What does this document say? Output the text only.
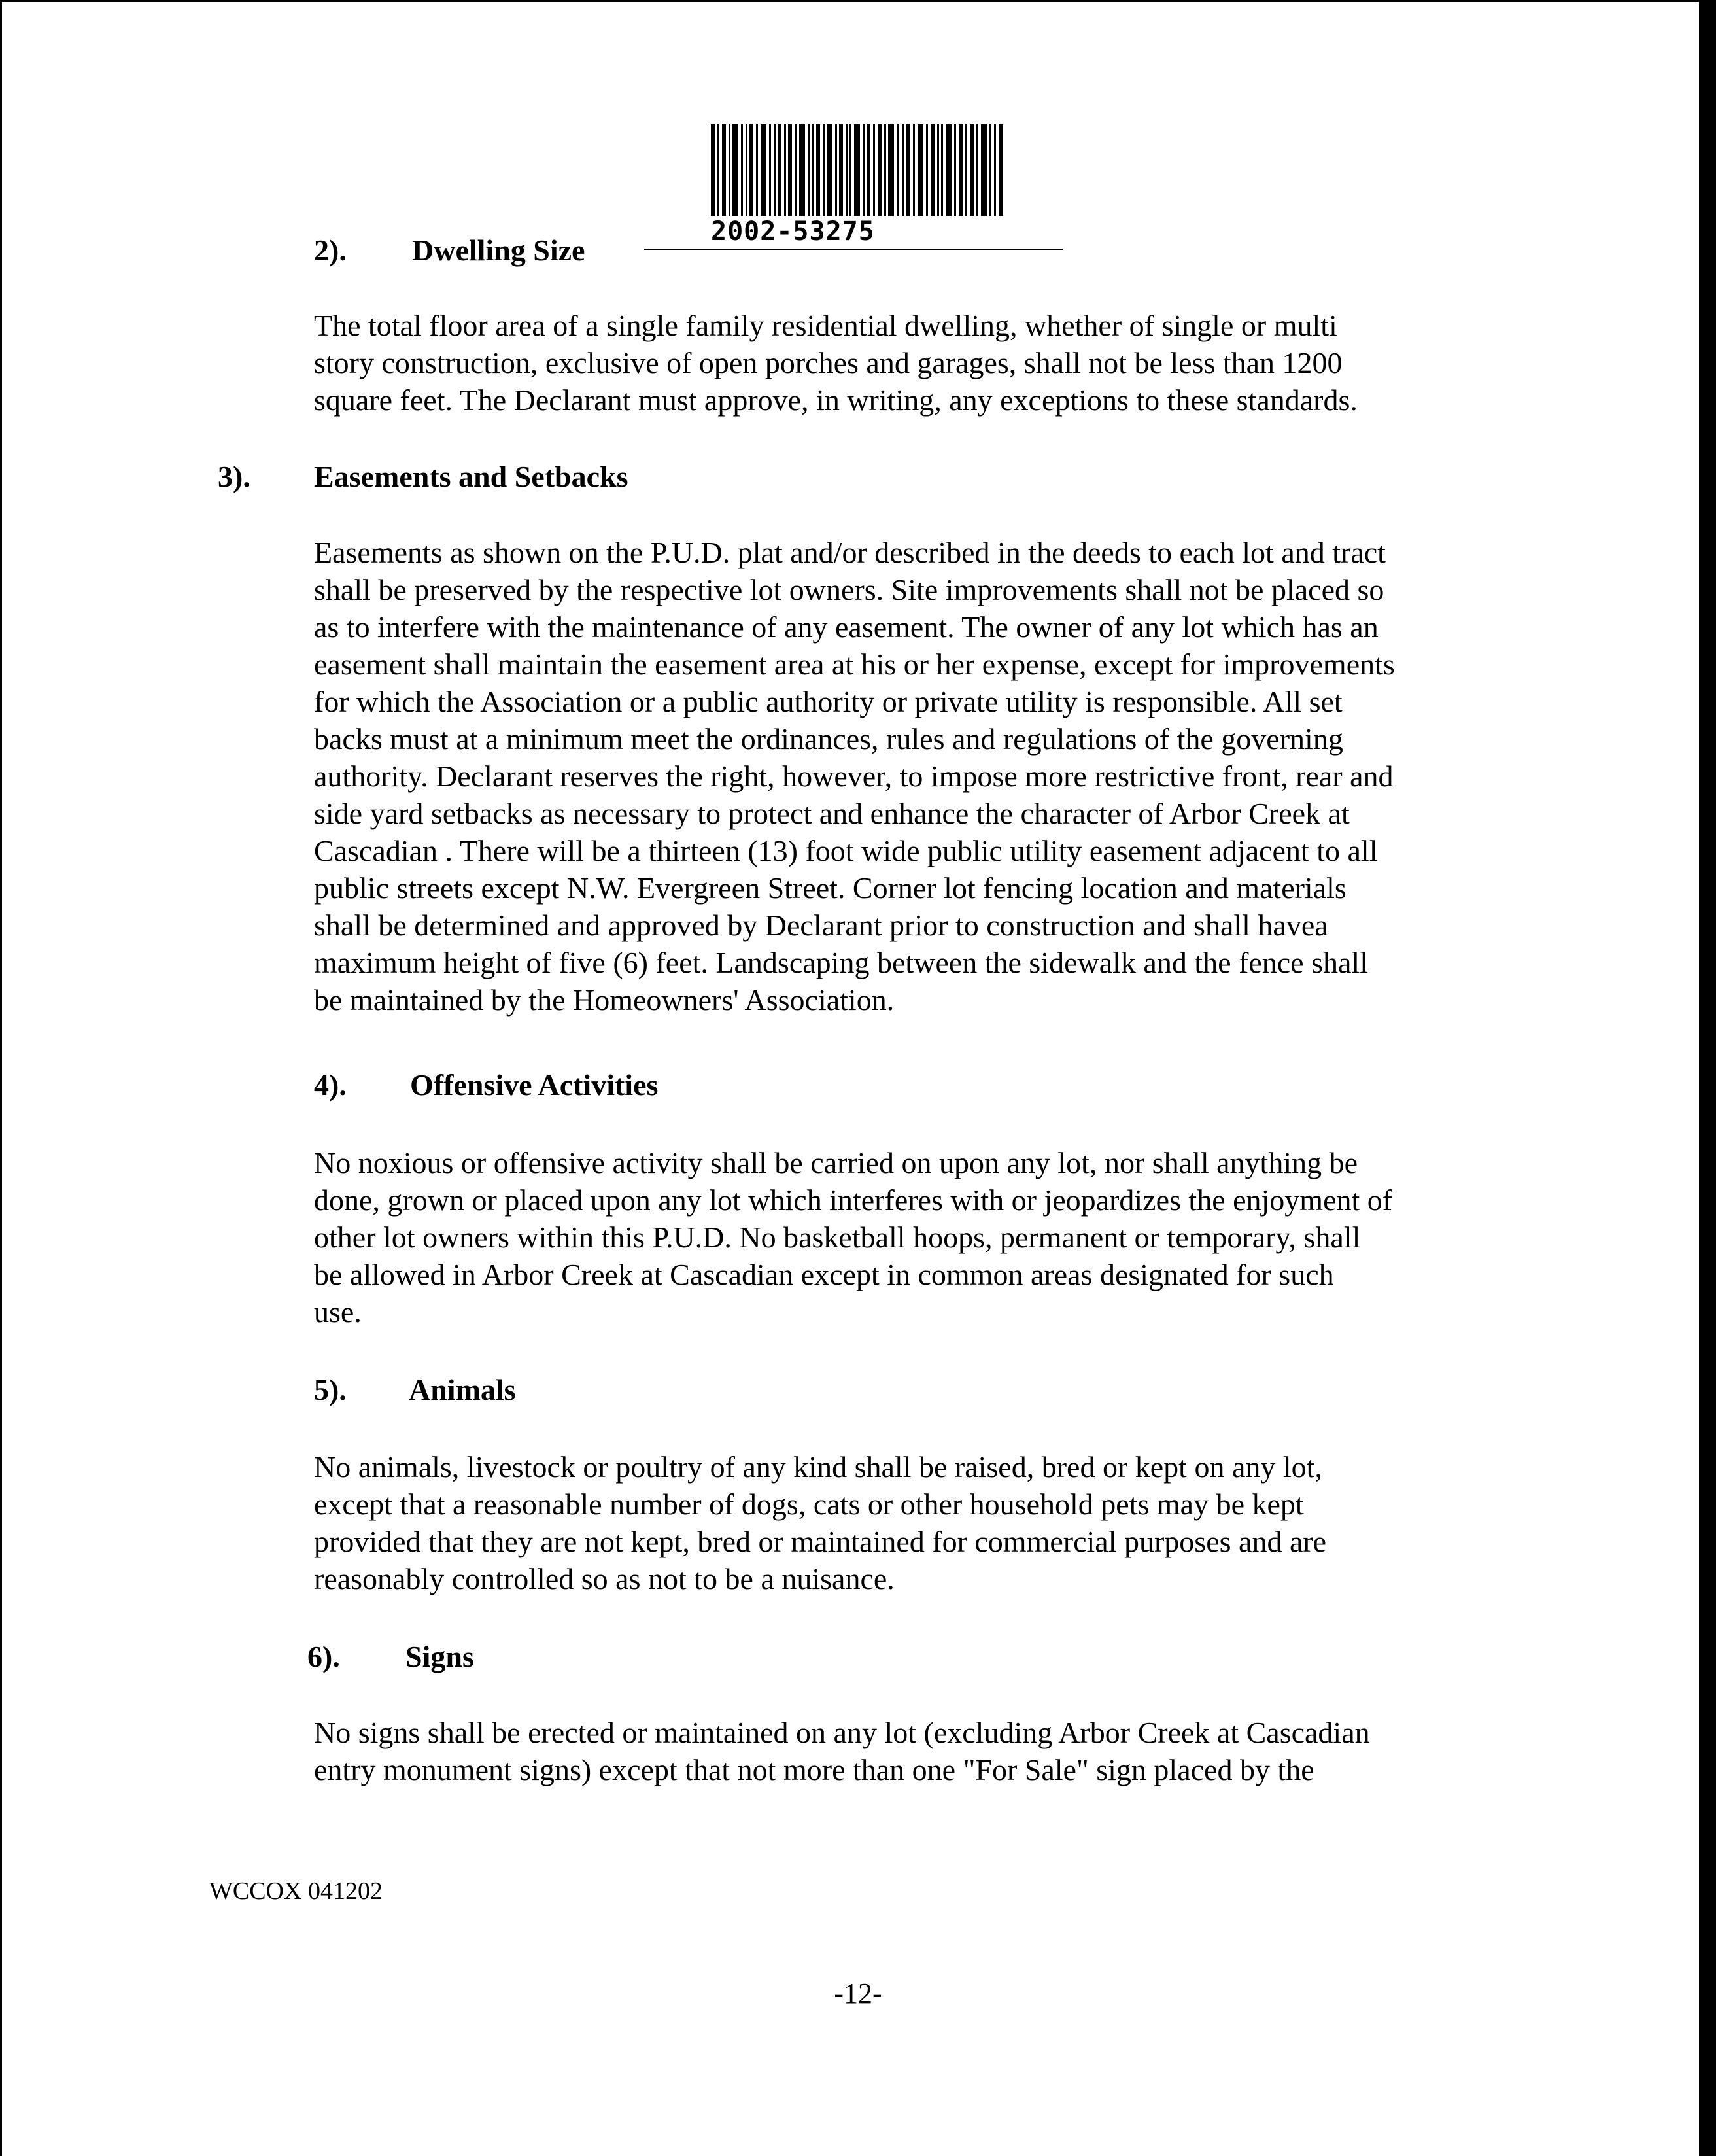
2002-53275
2). Dwelling Size
The total floor area of a single family residential dwelling, whether of single or multi
story construction, exclusive of open porches and garages, shall not be less than 1200
square feet. The Declarant must approve, in writing, any exceptions to these standards.
3). Easements and Setbacks
Easements as shown on the P.U.D. plat and/or described in the deeds to each lot and tract
shall be preserved by the respective lot owners. Site improvements shall not be placed so
as to interfere with the maintenance of any easement. The owner of any lot which has an
easement shall maintain the easement area at his or her expense, except for improvements
for which the Association or a public authority or private utility is responsible. All set
backs must at a minimum meet the ordinances, rules and regulations of the governing
authority. Declarant reserves the right, however, to impose more restrictive front, rear and
side yard setbacks as necessary to protect and enhance the character of Arbor Creek at
Cascadian . There will be a thirteen (13) foot wide public utility easement adjacent to all
public streets except N.W. Evergreen Street. Corner lot fencing location and materials
shall be determined and approved by Declarant prior to construction and shall havea
maximum height of five (6) feet. Landscaping between the sidewalk and the fence shall
be maintained by the Homeowners' Association.
4). Offensive Activities
No noxious or offensive activity shall be carried on upon any lot, nor shall anything be
done, grown or placed upon any lot which interferes with or jeopardizes the enjoyment of
other lot owners within this P.U.D. No basketball hoops, permanent or temporary, shall
be allowed in Arbor Creek at Cascadian except in common areas designated for such
use.
5). Animals
No animals, livestock or poultry of any kind shall be raised, bred or kept on any lot,
except that a reasonable number of dogs, cats or other household pets may be kept
provided that they are not kept, bred or maintained for commercial purposes and are
reasonably controlled so as not to be a nuisance.
6). Signs
No signs shall be erected or maintained on any lot (excluding Arbor Creek at Cascadian
entry monument signs) except that not more than one "For Sale" sign placed by the
WCCOX 041202
-12-
